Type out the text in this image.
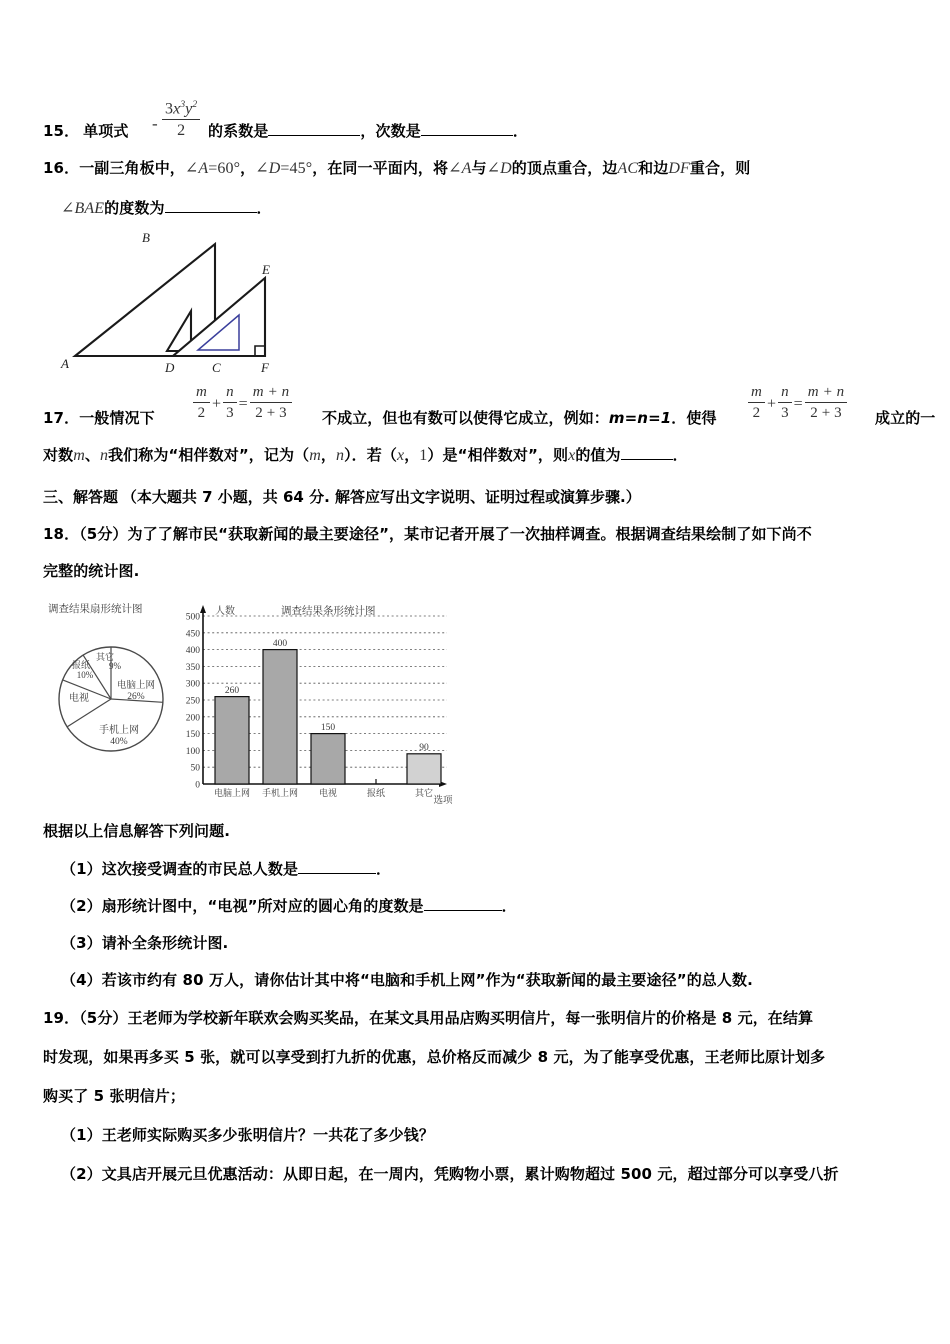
15． 单项式 - $\frac{3x^3y^2}{2}$ 的系数是	，次数是	．
16．一副三角板中，∠A=60°，∠D=45°，在同一平面内，将∠A与∠D的顶点重合，边AC和边DF重合，则
∠BAE的度数为	．
B
A	C
E
D	F
17．一般情况下	$\frac{m}{2} + \frac{n}{3} = \frac{m + n}{2 + 3}$ 不成立，但也有数可以使得它成立，例如：m=n=1．使得 $\frac{m}{2} + \frac{n}{3} = \frac{m + n}{2 + 3}$ 成立的一
对数m、n我们称为“相伴数对”，记为（m，n）．若（x，1）是“相伴数对”，则x的值为	．
三、解答题 （本大题共 7 小题，共 64 分. 解答应写出文字说明、证明过程或演算步骤.）
18．（5分）为了了解市民“获取新闻的最主要途径”，某市记者开展了一次抽样调查。根据调查结果绘制了如下尚不
完整的统计图.
调查结果扇形统计图
电脑上网
26%
手机上网
40%
电视
报纸
10%
其它
9%
人数	调查结果条形统计图
500
450
400
350
300
250
200
150
100
50
0
260
400
150
90
电脑上网 手机上网 电视	报纸	其它
选项
根据以上信息解答下列问题.
（1）这次接受调查的市民总人数是	．
（2）扇形统计图中，“电视”所对应的圆心角的度数是	．
（3）请补全条形统计图.
（4）若该市约有 80 万人，请你估计其中将“电脑和手机上网”作为“获取新闻的最主要途径”的总人数.
19．（5分）王老师为学校新年联欢会购买奖品，在某文具用品店购买明信片，每一张明信片的价格是 8 元，在结算
时发现，如果再多买 5 张，就可以享受到打九折的优惠，总价格反而减少 8 元，为了能享受优惠，王老师比原计划多
购买了 5 张明信片；
（1）王老师实际购买多少张明信片？一共花了多少钱？
（2）文具店开展元旦优惠活动：从即日起，在一周内，凭购物小票，累计购物超过 500 元，超过部分可以享受八折
